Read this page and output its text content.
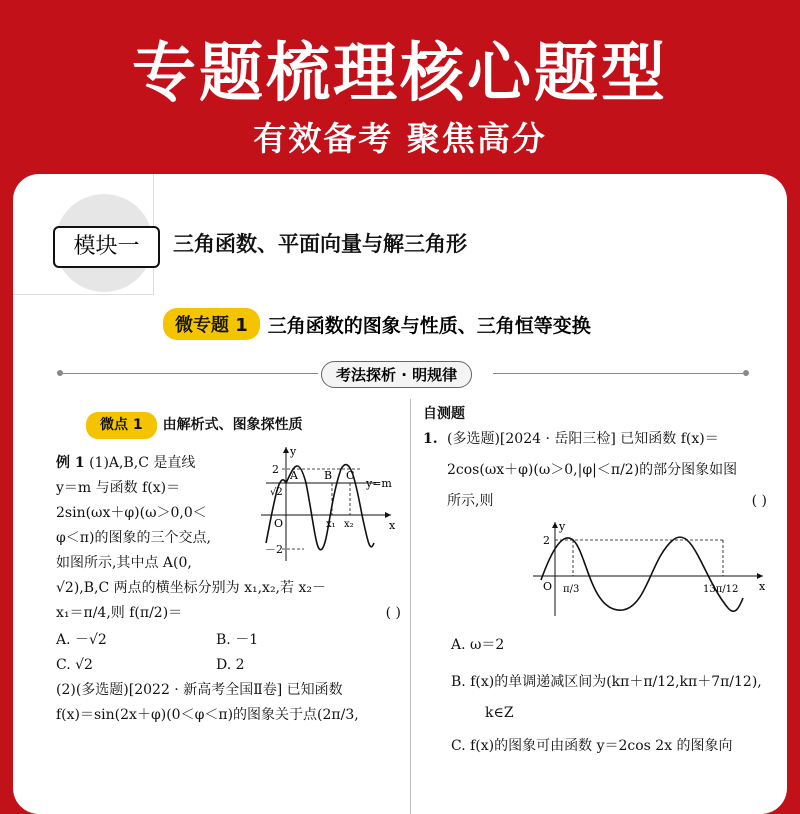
专题梳理核心题型
有效备考 聚焦高分
模块一	三角函数、平面向量与解三角形
微专题 1	三角函数的图象与性质、三角恒等变换
考法探析 · 明规律
微点 1	由解析式、图象探性质
y
x
O
2
－2
√2
A B C
y=m
x₁ x₂
例 1 (1)A,B,C 是直线
y＝m 与函数 f(x)＝
2sin(ωx＋φ)(ω＞0,0＜
φ＜π)的图象的三个交点,
如图所示,其中点 A(0,
√2),B,C 两点的横坐标分别为 x₁,x₂,若 x₂－
x₁＝π/4,则 f(π/2)＝	( )
A. －√2	B. －1
C. √2	D. 2
(2)(多选题)[2022 · 新高考全国Ⅱ卷] 已知函数
f(x)＝sin(2x＋φ)(0＜φ＜π)的图象关于点(2π/3,
自测题
1. (多选题)[2024 · 岳阳三检] 已知函数 f(x)＝
2cos(ωx＋φ)(ω＞0,|φ|＜π/2)的部分图象如图
所示,则	( )
y
x
O
2
π/3	13π/12
A. ω＝2
B. f(x)的单调递减区间为(kπ＋π/12,kπ＋7π/12),
k∈Z
C. f(x)的图象可由函数 y＝2cos 2x 的图象向
